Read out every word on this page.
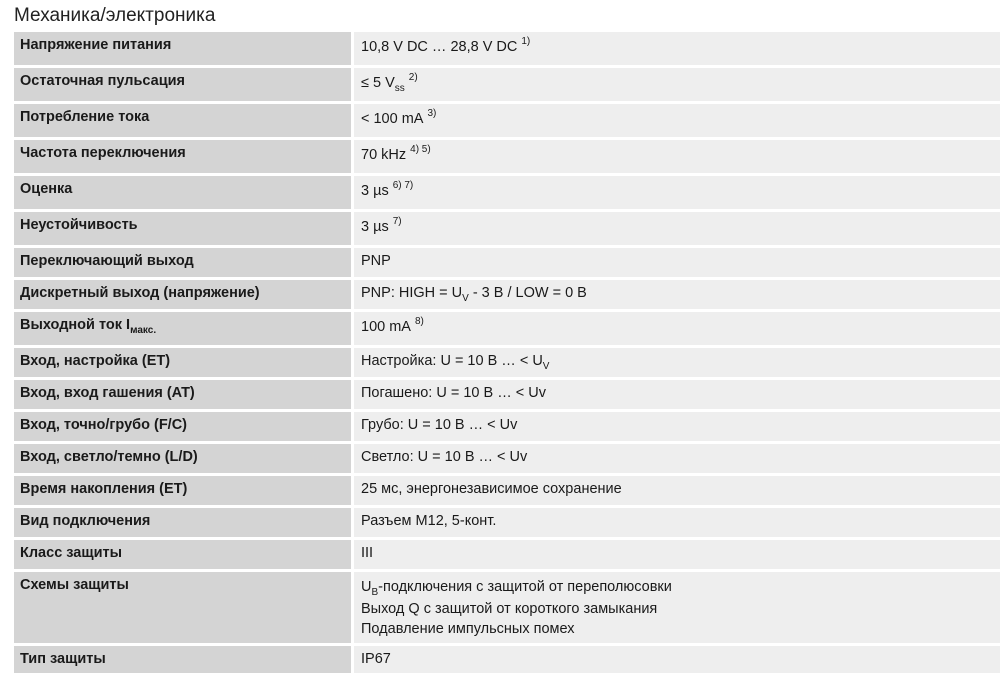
Механика/электроника
Напряжение питания		10,8 V DC … 28,8 V DC $^{1)}$
Остаточная пульсация		≤ 5 $V_{ss}^{2)}$
Потребление тока		< 100 mA $^{3)}$
Частота переключения		70 kHz $^{4) 5)}$
Оценка		3 µs $^{6) 7)}$
Неустойчивость		3 µs $^{7)}$
Переключающий выход		PNP
Дискретный выход (напряжение)		PNP: HIGH = $U_V - 3$ В / LOW = 0 В
Выходной ток $I_{макс.}$		100 mA $^{8)}$
Вход, настройка (ET)		Настройка: U = 10 В … < $U_V$
Вход, вход гашения (AT)		Погашено: U = 10 В … < Uv
Вход, точно/грубо (F/C)		Грубо: U = 10 В … < Uv
Вход, светло/темно (L/D)		Светло: U = 10 В … < Uv
Время накопления (ET)		25 мс, энергонезависимое сохранение
Вид подключения		Разъем M12, 5-конт.
Класс защиты		III
Схемы защиты		$U_B$-подключения с защитой от переполюсовки
Выход Q с защитой от короткого замыкания
Подавление импульсных помех

Тип защиты		IP67
